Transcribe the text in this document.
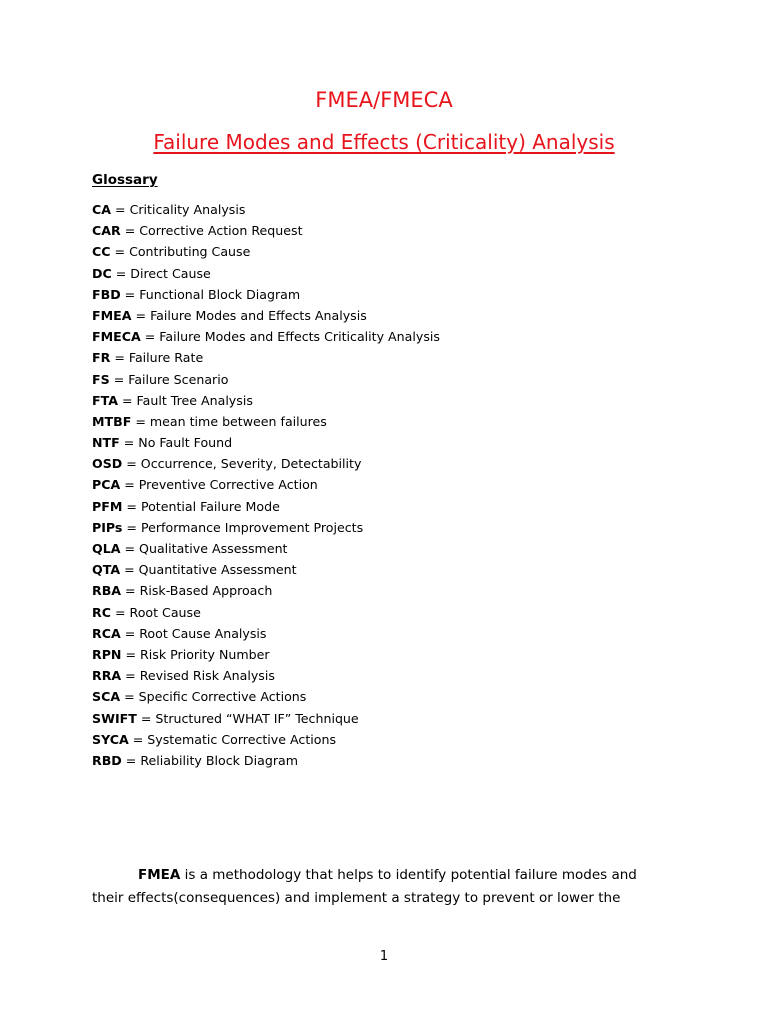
FMEA/FMECA
Failure Modes and Effects (Criticality) Analysis
Glossary
CA = Criticality Analysis
CAR = Corrective Action Request
CC = Contributing Cause
DC = Direct Cause
FBD = Functional Block Diagram
FMEA = Failure Modes and Effects Analysis
FMECA = Failure Modes and Effects Criticality Analysis
FR = Failure Rate
FS = Failure Scenario
FTA = Fault Tree Analysis
MTBF = mean time between failures
NTF = No Fault Found
OSD = Occurrence, Severity, Detectability
PCA = Preventive Corrective Action
PFM = Potential Failure Mode
PIPs = Performance Improvement Projects
QLA = Qualitative Assessment
QTA = Quantitative Assessment
RBA = Risk-Based Approach
RC = Root Cause
RCA = Root Cause Analysis
RPN = Risk Priority Number
RRA = Revised Risk Analysis
SCA = Specific Corrective Actions
SWIFT = Structured “WHAT IF” Technique
SYCA = Systematic Corrective Actions
RBD = Reliability Block Diagram
FMEA is a methodology that helps to identify potential failure modes and
their effects(consequences) and implement a strategy to prevent or lower the
1
